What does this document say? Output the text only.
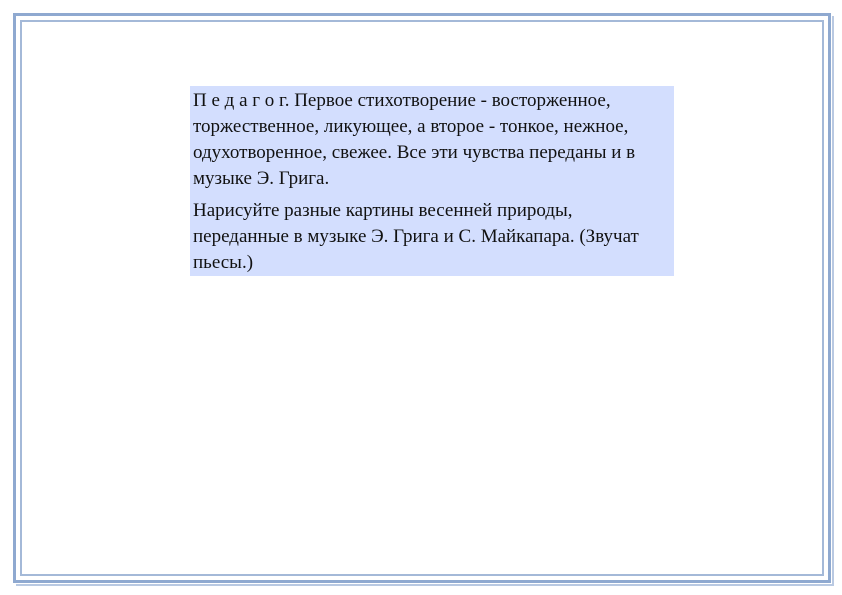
П е д а г о г. Первое стихотворение - восторженное, торжественное, ликующее, а второе - тонкое, нежное, одухотворенное, свежее. Все эти чувства переданы и в музыке Э. Грига.

Нарисуйте разные картины весенней природы, переданные в музыке Э. Грига и С. Майкапара. (Звучат пьесы.)
